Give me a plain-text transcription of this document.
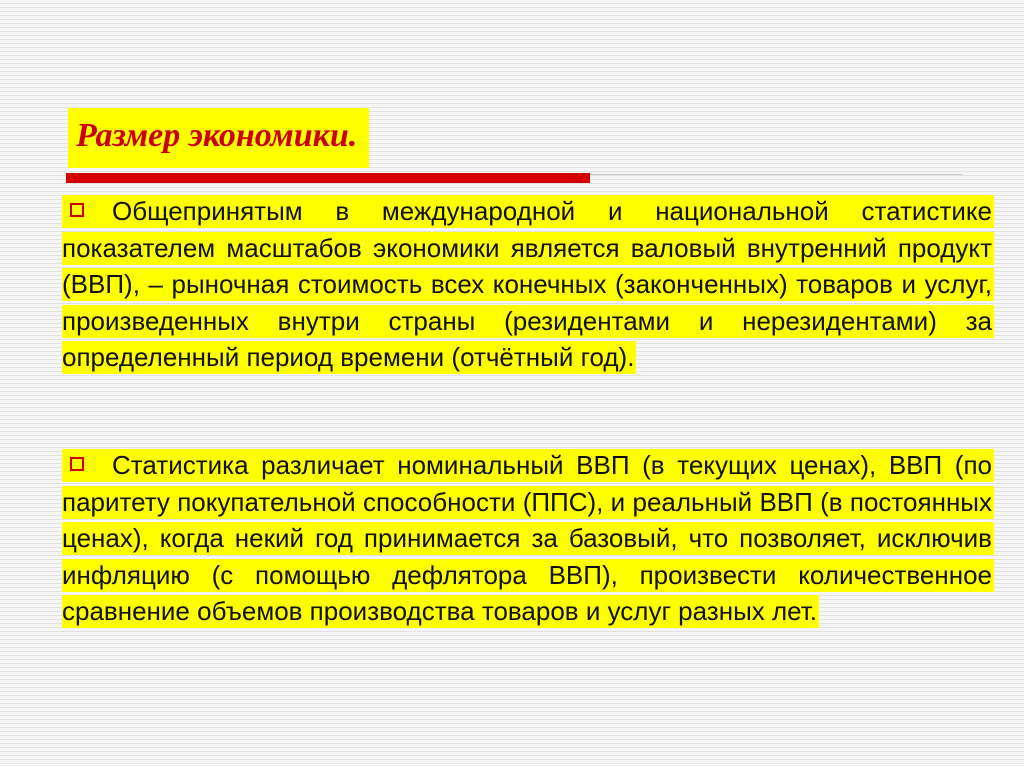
Размер экономики.
Общепринятым в международной и национальной статистике показателем масштабов экономики является валовый внутренний продукт (ВВП), – рыночная стоимость всех конечных (законченных) товаров и услуг, произведенных внутри страны (резидентами и нерезидентами) за определенный период времени (отчётный год).
Статистика различает номинальный ВВП (в текущих ценах), ВВП (по паритету покупательной способности (ППС), и реальный ВВП (в постоянных ценах), когда некий год принимается за базовый, что позволяет, исключив инфляцию (с помощью дефлятора ВВП), произвести количественное сравнение объемов производства товаров и услуг разных лет.
